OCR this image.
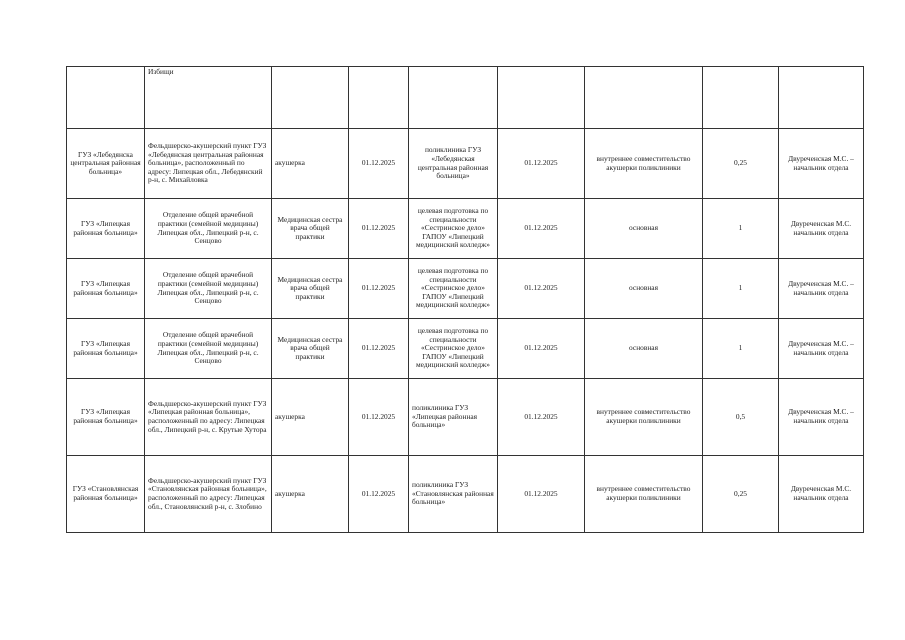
	Избищи							
ГУЗ «Лебедянска центральная районная больница»	Фельдшерско-акушерский пункт ГУЗ «Лебедянская центральная районная больница», расположенный по адресу: Липецкая обл., Лебедянский р-н, с. Михайловка	акушерка	01.12.2025	поликлиника ГУЗ «Лебедянская центральная районная больница»	01.12.2025	внутреннее совместительство акушерки поликлиники	0,25	Двуреченская М.С. – начальник отдела
ГУЗ «Липецкая районная больница»	Отделение общей врачебной практики (семейной медицины) Липецкая обл., Липецкий р-н, с. Сенцово	Медицинская сестра врача общей практики	01.12.2025	целевая подготовка по специальности «Сестринское дело» ГАПОУ «Липецкий медицинский колледж»	01.12.2025	основная	1	Двуреченская М.С. начальник отдела
ГУЗ «Липецкая районная больница»	Отделение общей врачебной практики (семейной медицины) Липецкая обл., Липецкий р-н, с. Сенцово	Медицинская сестра врача общей практики	01.12.2025	целевая подготовка по специальности «Сестринское дело» ГАПОУ «Липецкий медицинский колледж»	01.12.2025	основная	1	Двуреченская М.С. – начальник отдела
ГУЗ «Липецкая районная больница»	Отделение общей врачебной практики (семейной медицины) Липецкая обл., Липецкий р-н, с. Сенцово	Медицинская сестра врача общей практики	01.12.2025	целевая подготовка по специальности «Сестринское дело» ГАПОУ «Липецкий медицинский колледж»	01.12.2025	основная	1	Двуреченская М.С. – начальник отдела
ГУЗ «Липецкая районная больница»	Фельдшерско-акушерский пункт ГУЗ «Липецкая районная больница», расположенный по адресу: Липецкая обл., Липецкий р-н, с. Крутые Хутора	акушерка	01.12.2025	поликлиника ГУЗ «Липецкая районная больница»	01.12.2025	внутреннее совместительство акушерки поликлиники	0,5	Двуреченская М.С. – начальник отдела
ГУЗ «Становлянская районная больница»	Фельдшерско-акушерский пункт ГУЗ «Становлянская районная больница», расположенный по адресу: Липецкая обл., Становлянский р-н, с. Злобино	акушерка	01.12.2025	поликлиника ГУЗ «Становлянская районная больница»	01.12.2025	внутреннее совместительство акушерки поликлиники	0,25	Двуреченская М.С. начальник отдела
